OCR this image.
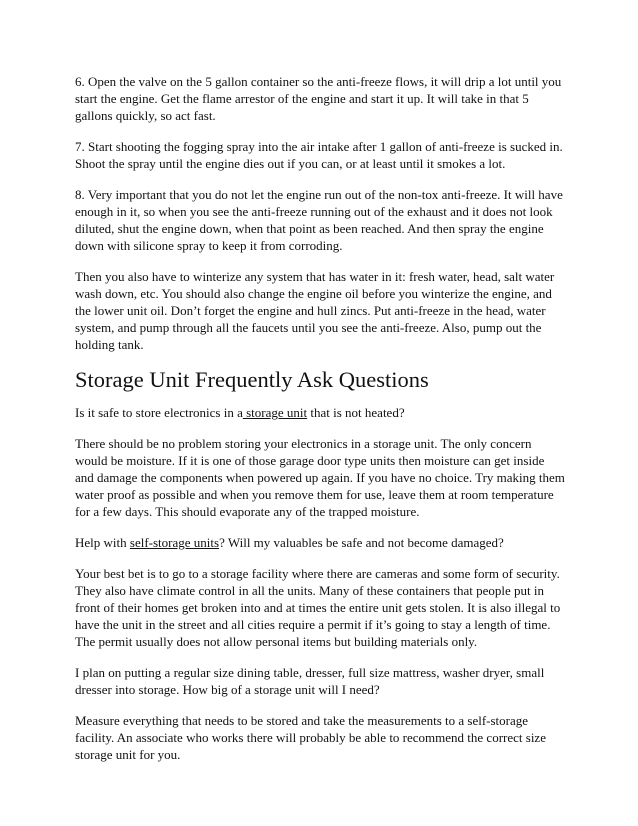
6. Open the valve on the 5 gallon container so the anti-freeze flows, it will drip a lot until you start the engine. Get the flame arrestor of the engine and start it up. It will take in that 5 gallons quickly, so act fast.

7. Start shooting the fogging spray into the air intake after 1 gallon of anti-freeze is sucked in. Shoot the spray until the engine dies out if you can, or at least until it smokes a lot.

8. Very important that you do not let the engine run out of the non-tox anti-freeze. It will have enough in it, so when you see the anti-freeze running out of the exhaust and it does not look diluted, shut the engine down, when that point as been reached. And then spray the engine down with silicone spray to keep it from corroding.

Then you also have to winterize any system that has water in it: fresh water, head, salt water wash down, etc. You should also change the engine oil before you winterize the engine, and the lower unit oil. Don’t forget the engine and hull zincs. Put anti-freeze in the head, water system, and pump through all the faucets until you see the anti-freeze. Also, pump out the holding tank.

Storage Unit Frequently Ask Questions

Is it safe to store electronics in a storage unit that is not heated?

There should be no problem storing your electronics in a storage unit. The only concern would be moisture. If it is one of those garage door type units then moisture can get inside and damage the components when powered up again. If you have no choice. Try making them water proof as possible and when you remove them for use, leave them at room temperature for a few days. This should evaporate any of the trapped moisture.

Help with self-storage units? Will my valuables be safe and not become damaged?

Your best bet is to go to a storage facility where there are cameras and some form of security. They also have climate control in all the units. Many of these containers that people put in front of their homes get broken into and at times the entire unit gets stolen. It is also illegal to have the unit in the street and all cities require a permit if it’s going to stay a length of time. The permit usually does not allow personal items but building materials only.

I plan on putting a regular size dining table, dresser, full size mattress, washer dryer, small dresser into storage. How big of a storage unit will I need?

Measure everything that needs to be stored and take the measurements to a self-storage facility. An associate who works there will probably be able to recommend the correct size storage unit for you.
